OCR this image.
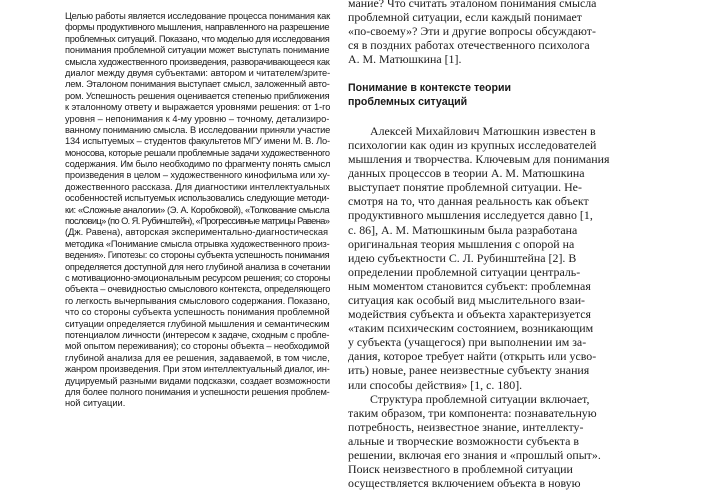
Целью работы является исследование процесса понимания как
формы продуктивного мышления, направленного на разрешение
проблемных ситуаций. Показано, что моделью для исследования
понимания проблемной ситуации может выступать понимание
смысла художественного произведения, разворачивающееся как
диалог между двумя субъектами: автором и читателем/зрите-
лем. Эталоном понимания выступает смысл, заложенный авто-
ром. Успешность решения оценивается степенью приближения
к эталонному ответу и выражается уровнями решения: от 1-го
уровня – непонимания к 4-му уровню – точному, детализиро-
ванному пониманию смысла. В исследовании приняли участие
134 испытуемых – студентов факультетов МГУ имени М. В. Ло-
моносова, которые решали проблемные задачи художественного
содержания. Им было необходимо по фрагменту понять смысл
произведения в целом – художественного кинофильма или ху-
дожественного рассказа. Для диагностики интеллектуальных
особенностей испытуемых использовались следующие методи-
ки: «Сложные аналогии» (Э. А. Коробковой), «Толкование смысла
пословиц» (по О. Я. Рубинштейн), «Прогрессивные матрицы Равена»
(Дж. Равена), авторская экспериментально-диагностическая
методика «Понимание смысла отрывка художественного произ-
ведения». Гипотезы: со стороны субъекта успешность понимания
определяется доступной для него глубиной анализа в сочетании
с мотивационно-эмоциональным ресурсом решения; со стороны
объекта – очевидностью смыслового контекста, определяющего
го легкость вычерпывания смыслового содержания. Показано,
что со стороны субъекта успешность понимания проблемной
ситуации определяется глубиной мышления и семантическим
потенциалом личности (интересом к задаче, сходным с пробле-
мой опытом переживания); со стороны объекта – необходимой
глубиной анализа для ее решения, задаваемой, в том числе,
жанром произведения. При этом интеллектуальный диалог, ин-
дуцируемый разными видами подсказки, создает возможности
для более полного понимания и успешности решения проблем-
ной ситуации.
мание? Что считать эталоном понимания смысла
проблемной ситуации, если каждый понимает
«по-своему»? Эти и другие вопросы обсуждают-
ся в поздних работах отечественного психолога
А. М. Матюшкина [1].
Понимание в контексте теории
проблемных ситуаций
Алексей Михайлович Матюшкин известен в
психологии как один из крупных исследователей
мышления и творчества. Ключевым для понимания
данных процессов в теории А. М. Матюшкина
выступает понятие проблемной ситуации. Не-
смотря на то, что данная реальность как объект
продуктивного мышления исследуется давно [1,
с. 86], А. М. Матюшкиным была разработана
оригинальная теория мышления с опорой на
идею субъектности С. Л. Рубинштейна [2]. В
определении проблемной ситуации централь-
ным моментом становится субъект: проблемная
ситуация как особый вид мыслительного взаи-
модействия субъекта и объекта характеризуется
«таким психическим состоянием, возникающим
у субъекта (учащегося) при выполнении им за-
дания, которое требует найти (открыть или усво-
ить) новые, ранее неизвестные субъекту знания
или способы действия» [1, с. 180].
Структура проблемной ситуации включает,
таким образом, три компонента: познавательную
потребность, неизвестное знание, интеллекту-
альные и творческие возможности субъекта в
решении, включая его знания и «прошлый опыт».
Поиск неизвестного в проблемной ситуации
осуществляется включением объекта в новую
